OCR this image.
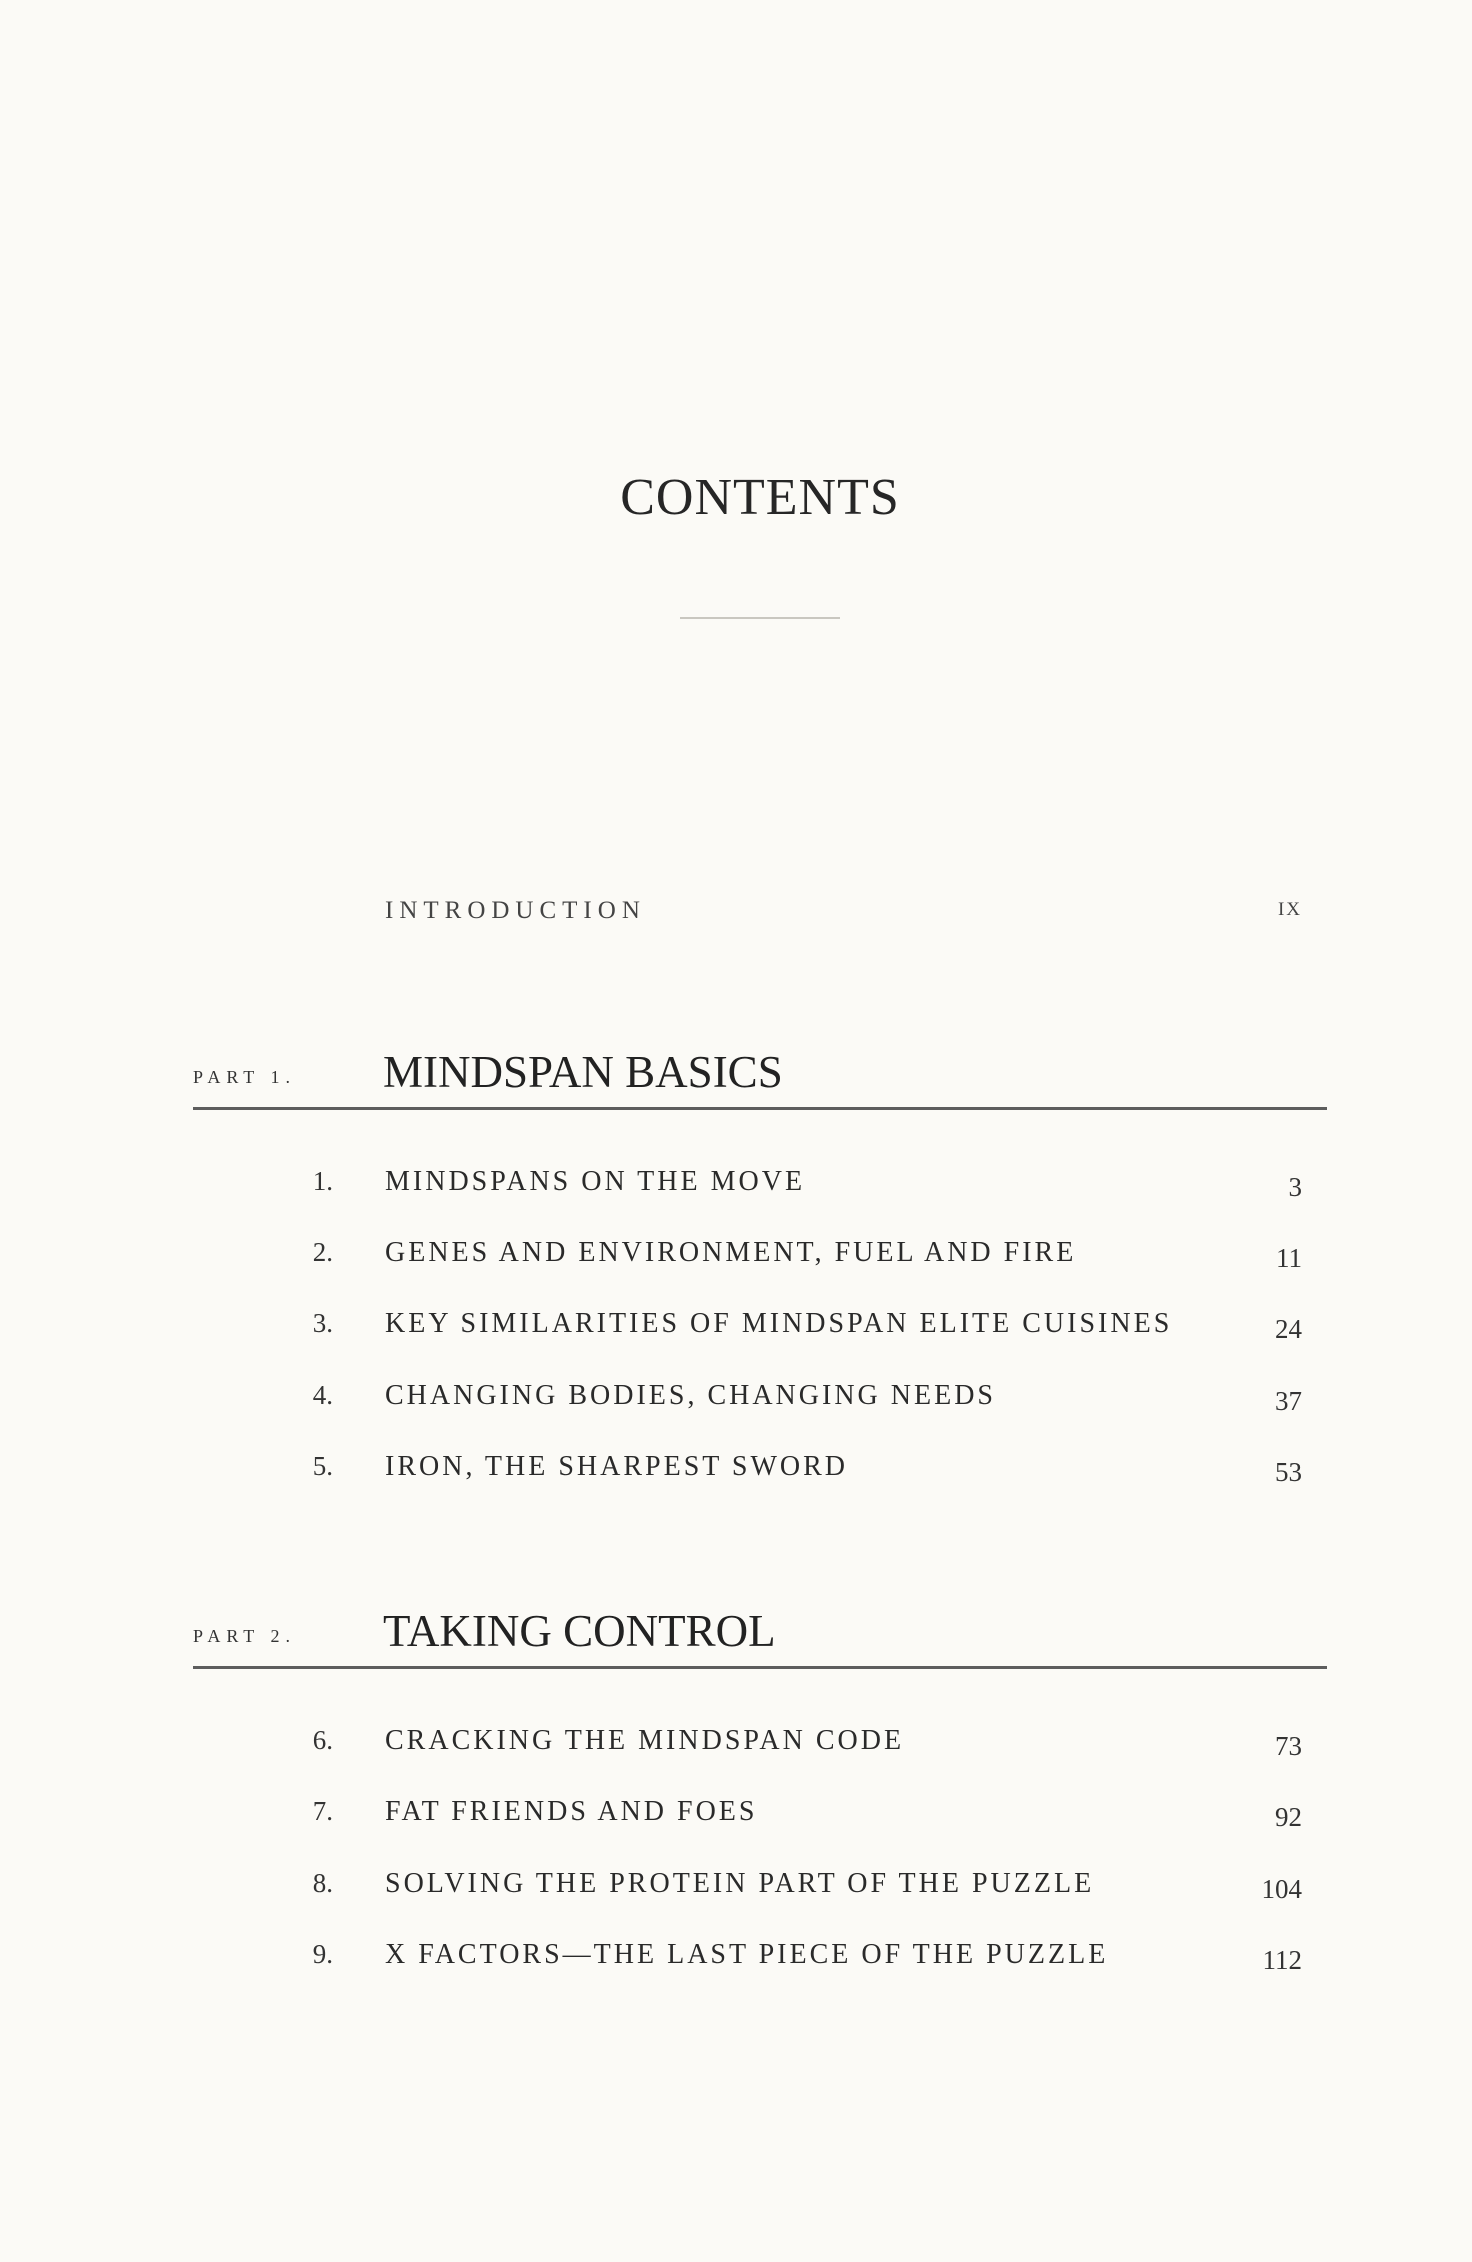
CONTENTS
INTRODUCTION	IX
PART 1. MINDSPAN BASICS
1. MINDSPANS ON THE MOVE	3
2. GENES AND ENVIRONMENT, FUEL AND FIRE	11
3. KEY SIMILARITIES OF MINDSPAN ELITE CUISINES	24
4. CHANGING BODIES, CHANGING NEEDS	37
5. IRON, THE SHARPEST SWORD	53
PART 2. TAKING CONTROL
6. CRACKING THE MINDSPAN CODE	73
7. FAT FRIENDS AND FOES	92
8. SOLVING THE PROTEIN PART OF THE PUZZLE	104
9. X FACTORS—THE LAST PIECE OF THE PUZZLE	112
